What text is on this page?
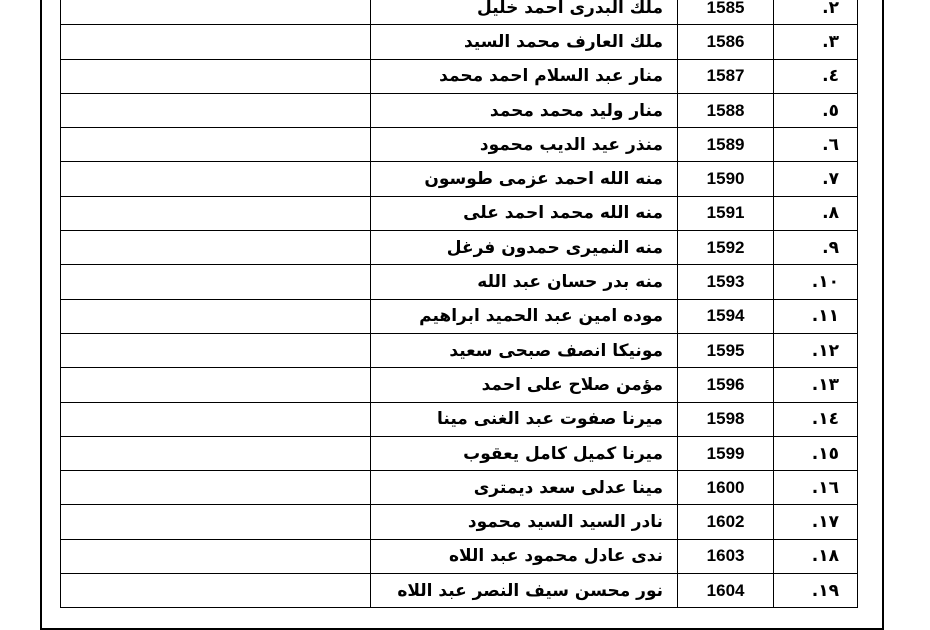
	ملك البدرى احمد خليل	1585	.٢
	ملك العارف محمد السيد	1586	.٣
	منار عبد السلام احمد محمد	1587	.٤
	منار وليد محمد محمد	1588	.٥
	منذر عيد الديب محمود	1589	.٦
	منه الله احمد عزمى طوسون	1590	.٧
	منه الله محمد احمد على	1591	.٨
	منه النميرى حمدون فرغل	1592	.٩
	منه بدر حسان عبد الله	1593	.١٠
	موده امين عبد الحميد ابراهيم	1594	.١١
	مونيكا انصف صبحى سعيد	1595	.١٢
	مؤمن صلاح على احمد	1596	.١٣
	ميرنا صفوت عبد الغنى مينا	1598	.١٤
	ميرنا كميل كامل يعقوب	1599	.١٥
	مينا عدلى سعد ديمترى	1600	.١٦
	نادر السيد السيد محمود	1602	.١٧
	ندى عادل محمود عبد اللاه	1603	.١٨
	نور محسن سيف النصر عبد اللاه	1604	.١٩
